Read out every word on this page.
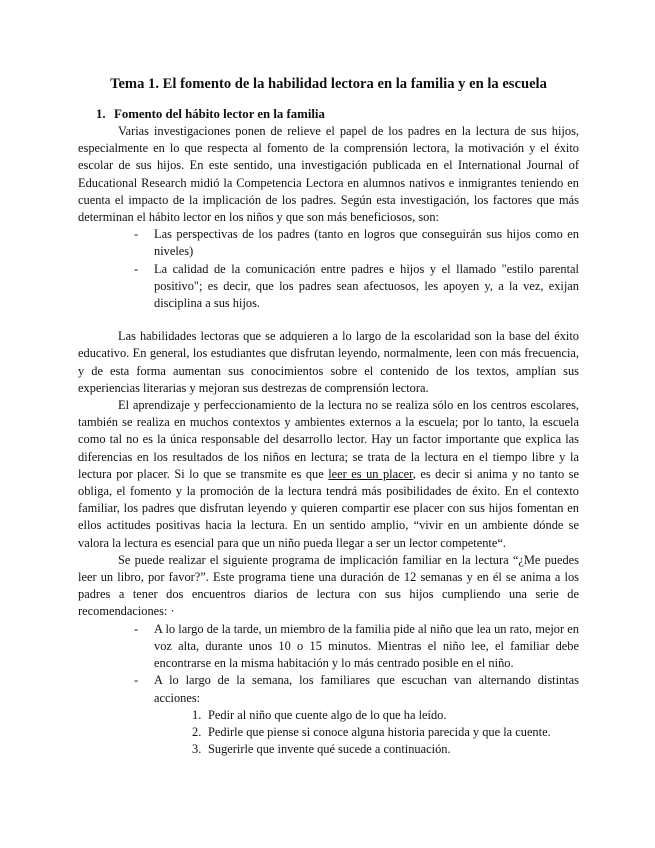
Tema 1. El fomento de la habilidad lectora en la familia y en la escuela
1. Fomento del hábito lector en la familia

Varias investigaciones ponen de relieve el papel de los padres en la lectura de sus hijos, especialmente en lo que respecta al fomento de la comprensión lectora, la motivación y el éxito escolar de sus hijos. En este sentido, una investigación publicada en el International Journal of Educational Research midió la Competencia Lectora en alumnos nativos e inmigrantes teniendo en cuenta el impacto de la implicación de los padres. Según esta investigación, los factores que más determinan el hábito lector en los niños y que son más beneficiosos, son:

- Las perspectivas de los padres (tanto en logros que conseguirán sus hijos como en niveles)
- La calidad de la comunicación entre padres e hijos y el llamado "estilo parental positivo"; es decir, que los padres sean afectuosos, les apoyen y, a la vez, exijan disciplina a sus hijos.

Las habilidades lectoras que se adquieren a lo largo de la escolaridad son la base del éxito educativo. En general, los estudiantes que disfrutan leyendo, normalmente, leen con más frecuencia, y de esta forma aumentan sus conocimientos sobre el contenido de los textos, amplían sus experiencias literarias y mejoran sus destrezas de comprensión lectora.

El aprendizaje y perfeccionamiento de la lectura no se realiza sólo en los centros escolares, también se realiza en muchos contextos y ambientes externos a la escuela; por lo tanto, la escuela como tal no es la única responsable del desarrollo lector. Hay un factor importante que explica las diferencias en los resultados de los niños en lectura; se trata de la lectura en el tiempo libre y la lectura por placer. Si lo que se transmite es que leer es un placer, es decir si anima y no tanto se obliga, el fomento y la promoción de la lectura tendrá más posibilidades de éxito. En el contexto familiar, los padres que disfrutan leyendo y quieren compartir ese placer con sus hijos fomentan en ellos actitudes positivas hacia la lectura. En un sentido amplio, “vivir en un ambiente dónde se valora la lectura es esencial para que un niño pueda llegar a ser un lector competente“.

Se puede realizar el siguiente programa de implicación familiar en la lectura “¿Me puedes leer un libro, por favor?”. Este programa tiene una duración de 12 semanas y en él se anima a los padres a tener dos encuentros diarios de lectura con sus hijos cumpliendo una serie de recomendaciones: ·

- A lo largo de la tarde, un miembro de la familia pide al niño que lea un rato, mejor en voz alta, durante unos 10 o 15 minutos. Mientras el niño lee, el familiar debe encontrarse en la misma habitación y lo más centrado posible en el niño.
- A lo largo de la semana, los familiares que escuchan van alternando distintas acciones:
1. Pedir al niño que cuente algo de lo que ha leído.
2. Pedirle que piense si conoce alguna historia parecida y que la cuente.
3. Sugerirle que invente qué sucede a continuación.
